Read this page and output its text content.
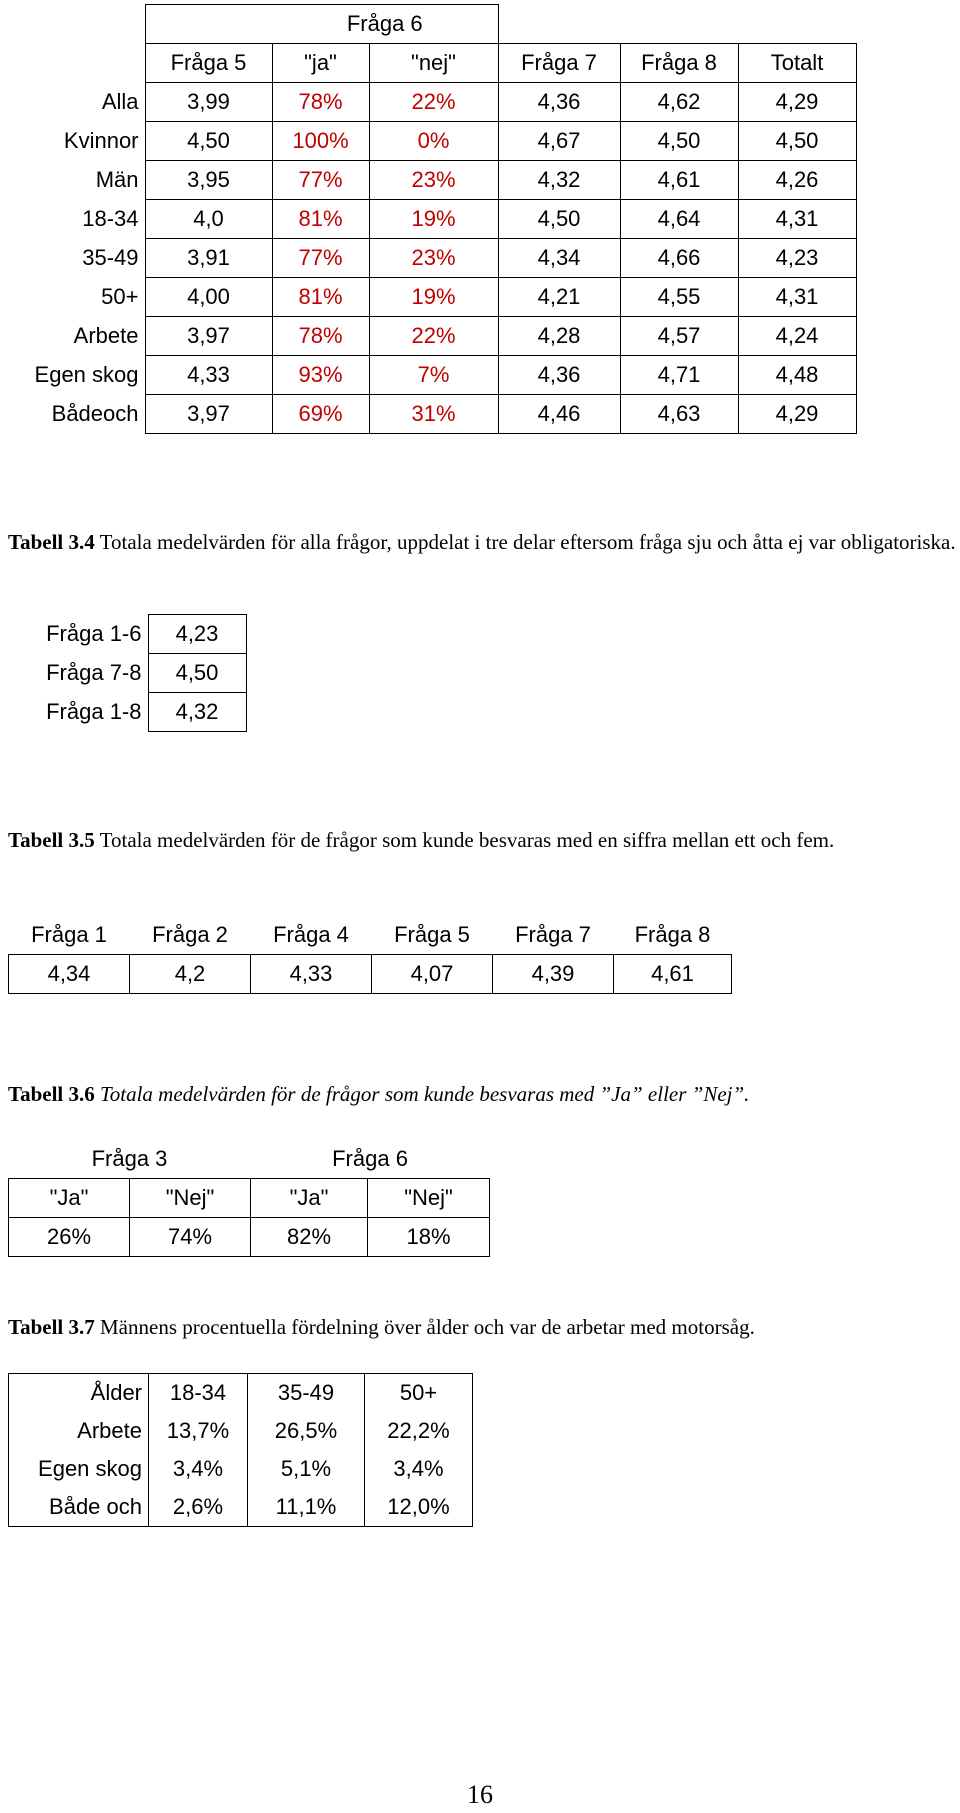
		Fråga 6				
	Fråga 5	"ja"	"nej"	Fråga 7	Fråga 8	Totalt
Alla	3,99	78%	22%	4,36	4,62	4,29
Kvinnor	4,50	100%	0%	4,67	4,50	4,50
Män	3,95	77%	23%	4,32	4,61	4,26
18-34	4,0	81%	19%	4,50	4,64	4,31
35-49	3,91	77%	23%	4,34	4,66	4,23
50+	4,00	81%	19%	4,21	4,55	4,31
Arbete	3,97	78%	22%	4,28	4,57	4,24
Egen skog	4,33	93%	7%	4,36	4,71	4,48
Bådeoch	3,97	69%	31%	4,46	4,63	4,29
Tabell 3.4 Totala medelvärden för alla frågor, uppdelat i tre delar eftersom fråga sju och åtta ej var obligatoriska.
Fråga 1-6	4,23
Fråga 7-8	4,50
Fråga 1-8	4,32
Tabell 3.5 Totala medelvärden för de frågor som kunde besvaras med en siffra mellan ett och fem.
Fråga 1	Fråga 2	Fråga 4	Fråga 5	Fråga 7	Fråga 8
4,34	4,2	4,33	4,07	4,39	4,61
Tabell 3.6 Totala medelvärden för de frågor som kunde besvaras med ”Ja” eller ”Nej”.
Fråga 3		Fråga 6	
"Ja"	"Nej"	"Ja"	"Nej"
26%	74%	82%	18%
Tabell 3.7 Männens procentuella fördelning över ålder och var de arbetar med motorsåg.
Ålder	18-34	35-49	50+
Arbete	13,7%	26,5%	22,2%
Egen skog	3,4%	5,1%	3,4%
Både och	2,6%	11,1%	12,0%
16
